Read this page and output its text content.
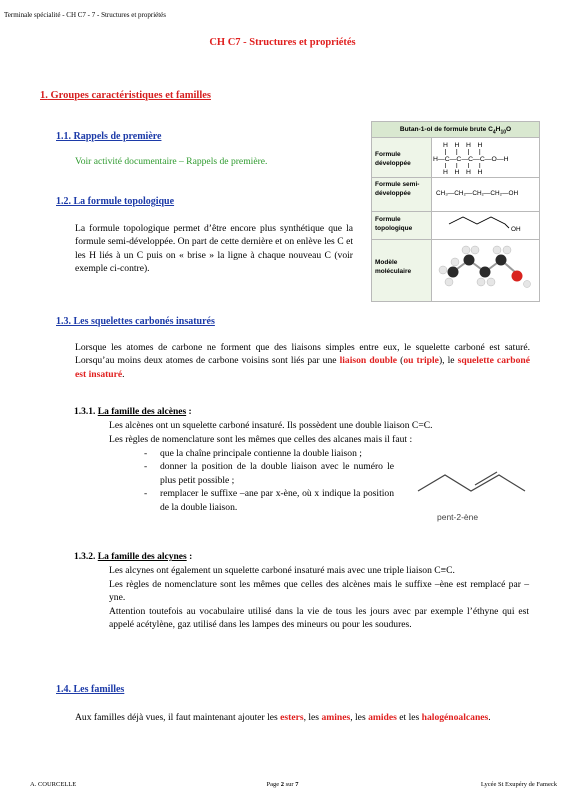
Terminale spécialité - CH C7 - 7 - Structures et propriétés
CH C7 - Structures et propriétés
1. Groupes caractéristiques et familles
1.1. Rappels de première
Voir activité documentaire – Rappels de première.
1.2. La formule topologique
La formule topologique permet d’être encore plus synthétique que la formule semi-développée. On part de cette dernière et on enlève les C et les H liés à un C puis on « brise » la ligne à chaque nouveau C (voir exemple ci-contre).
Butan-1-ol de formule brute $C_4H_{10}O$
Formule développée
H H H H
H—C—C—C—C—O—H
H H H H
Formule semi-développée	CH₃—CH₂—CH₂—CH₂—OH
Formule topologique	OH
Modèle moléculaire
1.3. Les squelettes carbonés insaturés
Lorsque les atomes de carbone ne forment que des liaisons simples entre eux, le squelette carboné est saturé. Lorsqu’au moins deux atomes de carbone voisins sont liés par une liaison double (ou triple), le squelette carboné est insaturé.
1.3.1. La famille des alcènes :
Les alcènes ont un squelette carboné insaturé. Ils possèdent une double liaison C=C.
Les règles de nomenclature sont les mêmes que celles des alcanes mais il faut :
- que la chaîne principale contienne la double liaison ;
- donner la position de la double liaison avec le numéro le plus petit possible ;
- remplacer le suffixe –ane par x-ène, où x indique la position de la double liaison.
pent-2-ène
1.3.2. La famille des alcynes :
Les alcynes ont également un squelette carboné insaturé mais avec une triple liaison C≡C.
Les règles de nomenclature sont les mêmes que celles des alcènes mais le suffixe –ène est remplacé par –yne.
Attention toutefois au vocabulaire utilisé dans la vie de tous les jours avec par exemple l’éthyne qui est appelé acétylène, gaz utilisé dans les lampes des mineurs ou pour les soudures.
1.4. Les familles
Aux familles déjà vues, il faut maintenant ajouter les esters, les amines, les amides et les halogénoalcanes.
A. COURCELLE	Page 2 sur 7	Lycée St Exupéry de Fameck
